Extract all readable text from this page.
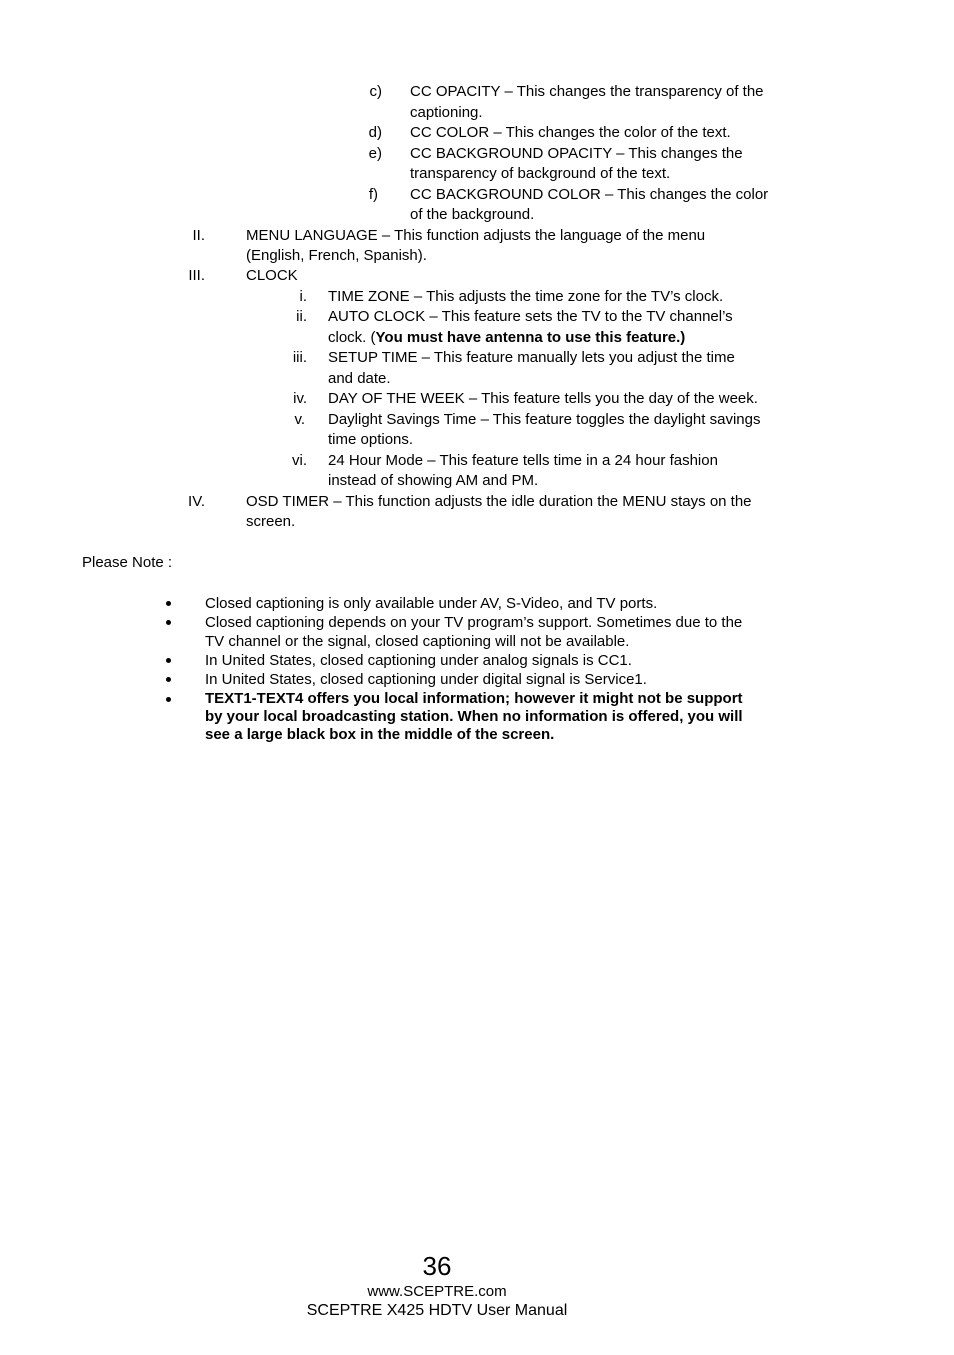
c) CC OPACITY – This changes the transparency of the
captioning.
d) CC COLOR – This changes the color of the text.
e) CC BACKGROUND OPACITY – This changes the
transparency of background of the text.
f) CC BACKGROUND COLOR – This changes the color
of the background.
II.	MENU LANGUAGE – This function adjusts the language of the menu
(English, French, Spanish).
III.	CLOCK
i. TIME ZONE – This adjusts the time zone for the TV’s clock.
ii. AUTO CLOCK – This feature sets the TV to the TV channel’s
clock. (You must have antenna to use this feature.)
iii. SETUP TIME – This feature manually lets you adjust the time
and date.
iv. DAY OF THE WEEK – This feature tells you the day of the week.
v. Daylight Savings Time – This feature toggles the daylight savings
time options.
vi. 24 Hour Mode – This feature tells time in a 24 hour fashion
instead of showing AM and PM.
IV.	OSD TIMER – This function adjusts the idle duration the MENU stays on the
screen.
Please Note :
Closed captioning is only available under AV, S-Video, and TV ports.
Closed captioning depends on your TV program’s support. Sometimes due to the
TV channel or the signal, closed captioning will not be available.
In United States, closed captioning under analog signals is CC1.
In United States, closed captioning under digital signal is Service1.
TEXT1-TEXT4 offers you local information; however it might not be support
by your local broadcasting station. When no information is offered, you will
see a large black box in the middle of the screen.
36
www.SCEPTRE.com
SCEPTRE X425 HDTV User Manual
